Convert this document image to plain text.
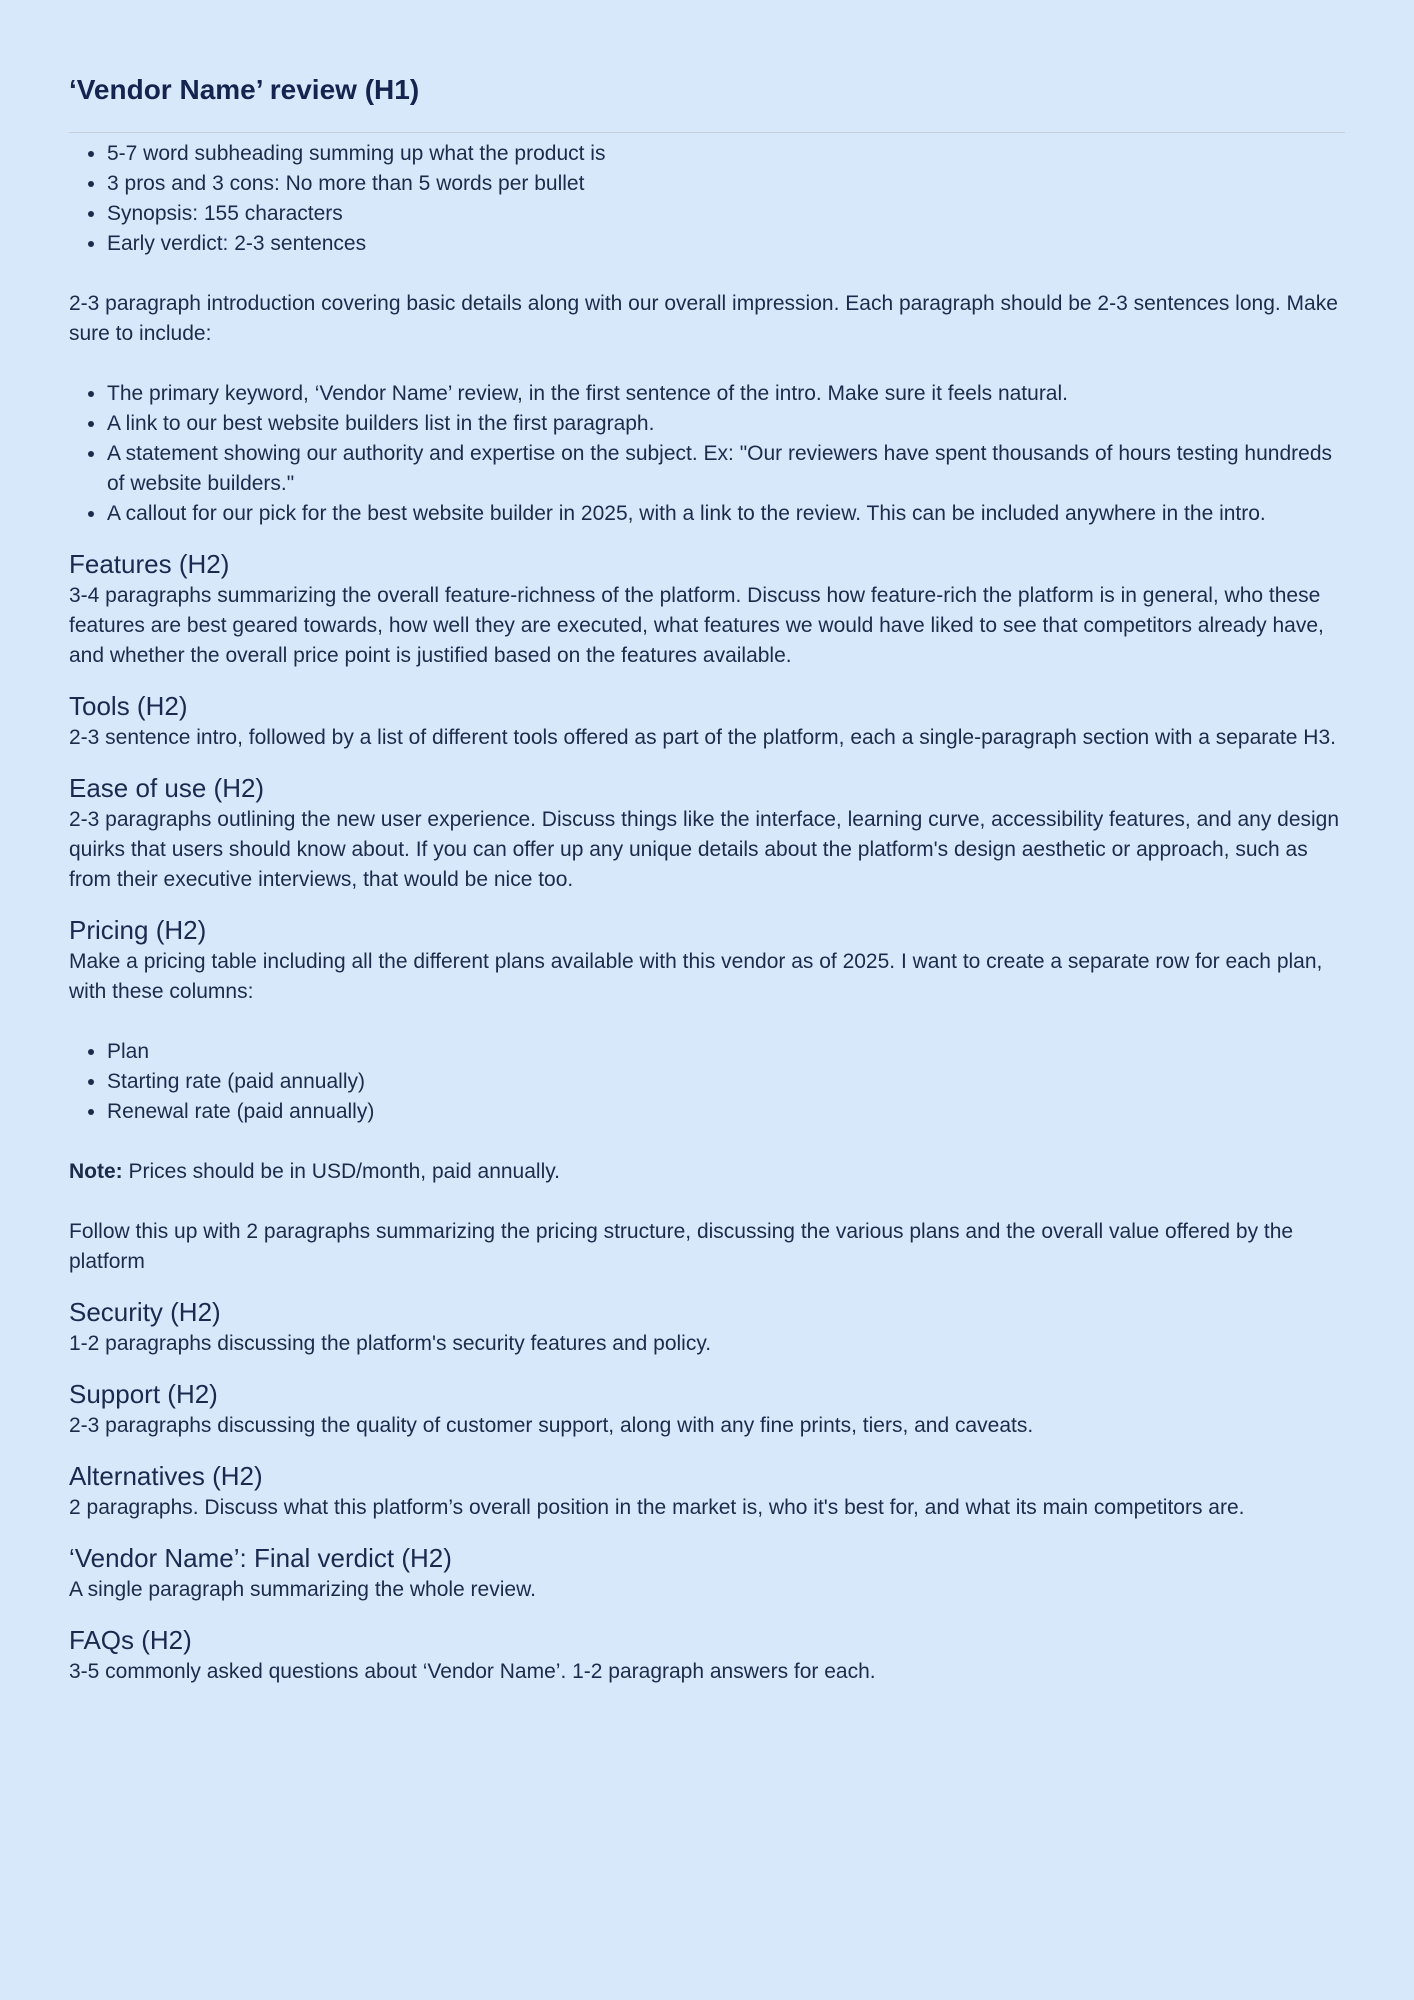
‘Vendor Name’ review (H1)
• 5-7 word subheading summing up what the product is
• 3 pros and 3 cons: No more than 5 words per bullet
• Synopsis: 155 characters
• Early verdict: 2-3 sentences

2-3 paragraph introduction covering basic details along with our overall impression. Each paragraph should be 2-3 sentences long. Make sure to include:

• The primary keyword, ‘Vendor Name’ review, in the first sentence of the intro. Make sure it feels natural.
• A link to our best website builders list in the first paragraph.
• A statement showing our authority and expertise on the subject. Ex: "Our reviewers have spent thousands of hours testing hundreds of website builders."
• A callout for our pick for the best website builder in 2025, with a link to the review. This can be included anywhere in the intro.
Features (H2)

3-4 paragraphs summarizing the overall feature-richness of the platform. Discuss how feature-rich the platform is in general, who these features are best geared towards, how well they are executed, what features we would have liked to see that competitors already have, and whether the overall price point is justified based on the features available.

Tools (H2)

2-3 sentence intro, followed by a list of different tools offered as part of the platform, each a single-paragraph section with a separate H3.

Ease of use (H2)

2-3 paragraphs outlining the new user experience. Discuss things like the interface, learning curve, accessibility features, and any design quirks that users should know about. If you can offer up any unique details about the platform's design aesthetic or approach, such as from their executive interviews, that would be nice too.

Pricing (H2)

Make a pricing table including all the different plans available with this vendor as of 2025. I want to create a separate row for each plan, with these columns:

• Plan
• Starting rate (paid annually)
• Renewal rate (paid annually)

Note: Prices should be in USD/month, paid annually.

Follow this up with 2 paragraphs summarizing the pricing structure, discussing the various plans and the overall value offered by the platform

Security (H2)

1-2 paragraphs discussing the platform's security features and policy.

Support (H2)

2-3 paragraphs discussing the quality of customer support, along with any fine prints, tiers, and caveats.

Alternatives (H2)

2 paragraphs. Discuss what this platform’s overall position in the market is, who it's best for, and what its main competitors are.

‘Vendor Name’: Final verdict (H2)

A single paragraph summarizing the whole review.

FAQs (H2)

3-5 commonly asked questions about ‘Vendor Name’. 1-2 paragraph answers for each.
